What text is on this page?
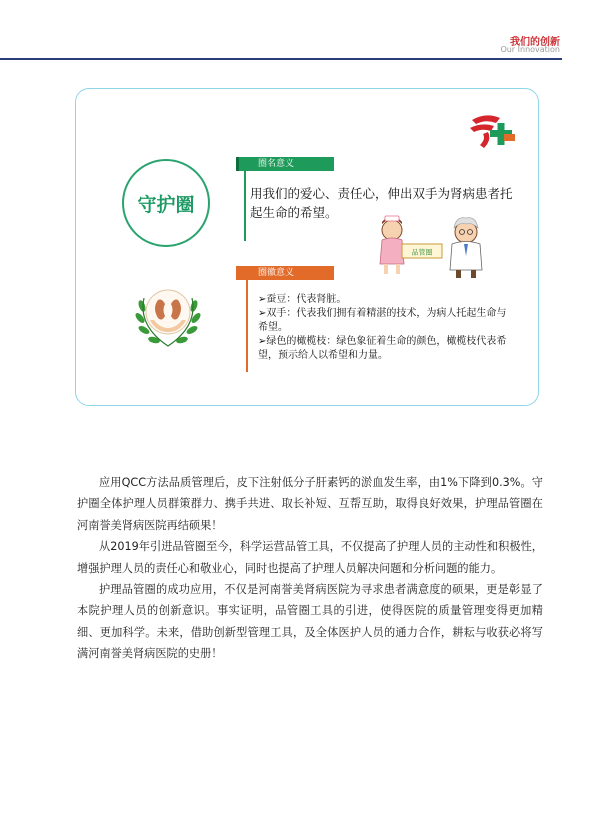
我们的创新
Our Innovation
守护圈
圈名意义
用我们的爱心、责任心，伸出双手为肾病患者托起生命的希望。
品管圈
圈徽意义
➢蚕豆：代表肾脏。
➢双手：代表我们拥有着精湛的技术，为病人托起生命与希望。
➢绿色的橄榄枝：绿色象征着生命的颜色，橄榄枝代表希望，预示给人以希望和力量。

应用QCC方法品质管理后，皮下注射低分子肝素钙的淤血发生率，由1%下降到0.3%。守护圈全体护理人员群策群力、携手共进、取长补短、互帮互助，取得良好效果，护理品管圈在河南誉美肾病医院再结硕果！

从2019年引进品管圈至今，科学运营品管工具，不仅提高了护理人员的主动性和积极性，增强护理人员的责任心和敬业心，同时也提高了护理人员解决问题和分析问题的能力。

护理品管圈的成功应用，不仅是河南誉美肾病医院为寻求患者满意度的硕果，更是彰显了本院护理人员的创新意识。事实证明，品管圈工具的引进，使得医院的质量管理变得更加精细、更加科学。未来，借助创新型管理工具，及全体医护人员的通力合作，耕耘与收获必将写满河南誉美肾病医院的史册！
